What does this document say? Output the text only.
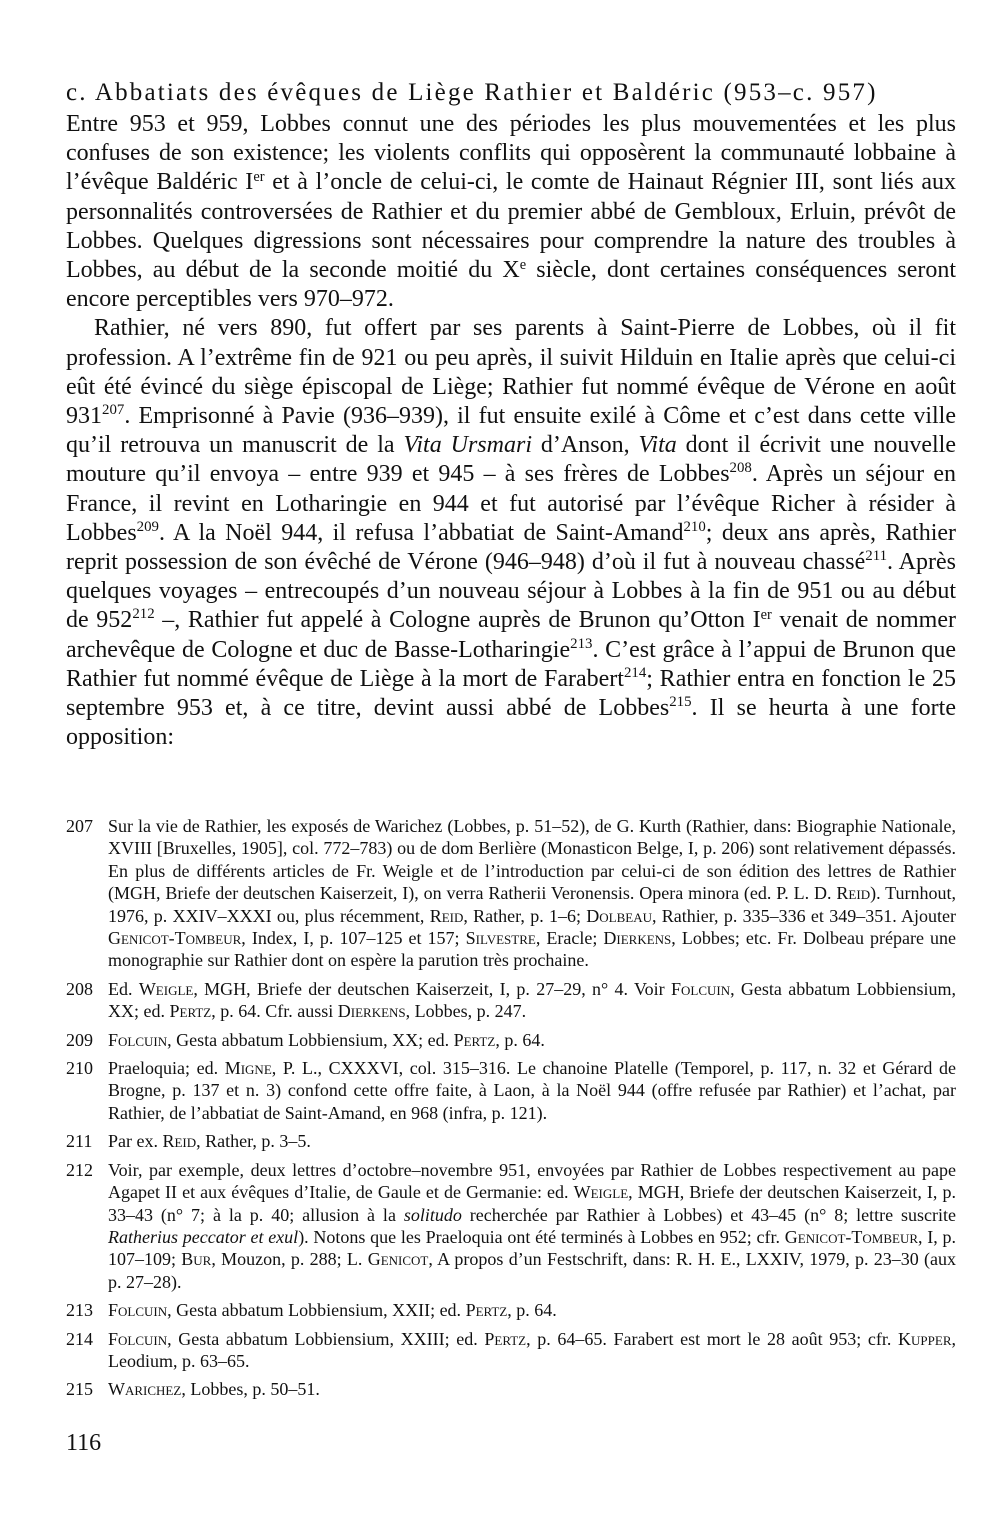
c. Abbatiats des évêques de Liège Rathier et Baldéric (953–c. 957)

Entre 953 et 959, Lobbes connut une des périodes les plus mouvementées et les plus confuses de son existence; les violents conflits qui opposèrent la communauté lobbaine à l’évêque Baldéric Ier et à l’oncle de celui-ci, le comte de Hainaut Régnier III, sont liés aux personnalités controversées de Rathier et du premier abbé de Gembloux, Erluin, prévôt de Lobbes. Quelques digressions sont nécessaires pour comprendre la nature des troubles à Lobbes, au début de la seconde moitié du Xe siècle, dont certaines conséquences seront encore perceptibles vers 970–972.

Rathier, né vers 890, fut offert par ses parents à Saint-Pierre de Lobbes, où il fit profession. A l’extrême fin de 921 ou peu après, il suivit Hilduin en Italie après que celui-ci eût été évincé du siège épiscopal de Liège; Rathier fut nommé évêque de Vérone en août 931$^{207}$. Emprisonné à Pavie (936–939), il fut ensuite exilé à Côme et c’est dans cette ville qu’il retrouva un manuscrit de la Vita Ursmari d’Anson, Vita dont il écrivit une nouvelle mouture qu’il envoya – entre 939 et 945 – à ses frères de Lobbes$^{208}$. Après un séjour en France, il revint en Lotharingie en 944 et fut autorisé par l’évêque Richer à résider à Lobbes$^{209}$. A la Noël 944, il refusa l’abbatiat de Saint-Amand$^{210}$; deux ans après, Rathier reprit possession de son évêché de Vérone (946–948) d’où il fut à nouveau chassé$^{211}$. Après quelques voyages – entrecoupés d’un nouveau séjour à Lobbes à la fin de 951 ou au début de 952$^{212}$ –, Rathier fut appelé à Cologne auprès de Brunon qu’Otton Ier venait de nommer archevêque de Cologne et duc de Basse-Lotharingie$^{213}$. C’est grâce à l’appui de Brunon que Rathier fut nommé évêque de Liège à la mort de Farabert$^{214}$; Rathier entra en fonction le 25 septembre 953 et, à ce titre, devint aussi abbé de Lobbes$^{215}$. Il se heurta à une forte opposition:

207 Sur la vie de Rathier, les exposés de Warichez (Lobbes, p. 51–52), de G. Kurth (Rathier, dans: Biographie Nationale, XVIII [Bruxelles, 1905], col. 772–783) ou de dom Berlière (Monasticon Belge, I, p. 206) sont relativement dépassés. En plus de différents articles de Fr. Weigle et de l’introduction par celui-ci de son édition des lettres de Rathier (MGH, Briefe der deutschen Kaiserzeit, I), on verra Ratherii Veronensis. Opera minora (ed. P. L. D. Reid). Turnhout, 1976, p. XXIV–XXXI ou, plus récemment, Reid, Rather, p. 1–6; Dolbeau, Rathier, p. 335–336 et 349–351. Ajouter Genicot-Tombeur, Index, I, p. 107–125 et 157; Silvestre, Eracle; Dierkens, Lobbes; etc. Fr. Dolbeau prépare une monographie sur Rathier dont on espère la parution très prochaine.
208 Ed. Weigle, MGH, Briefe der deutschen Kaiserzeit, I, p. 27–29, n° 4. Voir Folcuin, Gesta abbatum Lobbiensium, XX; ed. Pertz, p. 64. Cfr. aussi Dierkens, Lobbes, p. 247.
209 Folcuin, Gesta abbatum Lobbiensium, XX; ed. Pertz, p. 64.
210 Praeloquia; ed. Migne, P. L., CXXXVI, col. 315–316. Le chanoine Platelle (Temporel, p. 117, n. 32 et Gérard de Brogne, p. 137 et n. 3) confond cette offre faite, à Laon, à la Noël 944 (offre refusée par Rathier) et l’achat, par Rathier, de l’abbatiat de Saint-Amand, en 968 (infra, p. 121).
211 Par ex. Reid, Rather, p. 3–5.
212 Voir, par exemple, deux lettres d’octobre–novembre 951, envoyées par Rathier de Lobbes respectivement au pape Agapet II et aux évêques d’Italie, de Gaule et de Germanie: ed. Weigle, MGH, Briefe der deutschen Kaiserzeit, I, p. 33–43 (n° 7; à la p. 40; allusion à la solitudo recherchée par Rathier à Lobbes) et 43–45 (n° 8; lettre suscrite Ratherius peccator et exul). Notons que les Praeloquia ont été terminés à Lobbes en 952; cfr. Genicot-Tombeur, I, p. 107–109; Bur, Mouzon, p. 288; L. Genicot, A propos d’un Festschrift, dans: R. H. E., LXXIV, 1979, p. 23–30 (aux p. 27–28).
213 Folcuin, Gesta abbatum Lobbiensium, XXII; ed. Pertz, p. 64.
214 Folcuin, Gesta abbatum Lobbiensium, XXIII; ed. Pertz, p. 64–65. Farabert est mort le 28 août 953; cfr. Kupper, Leodium, p. 63–65.
215 Warichez, Lobbes, p. 50–51.
116
